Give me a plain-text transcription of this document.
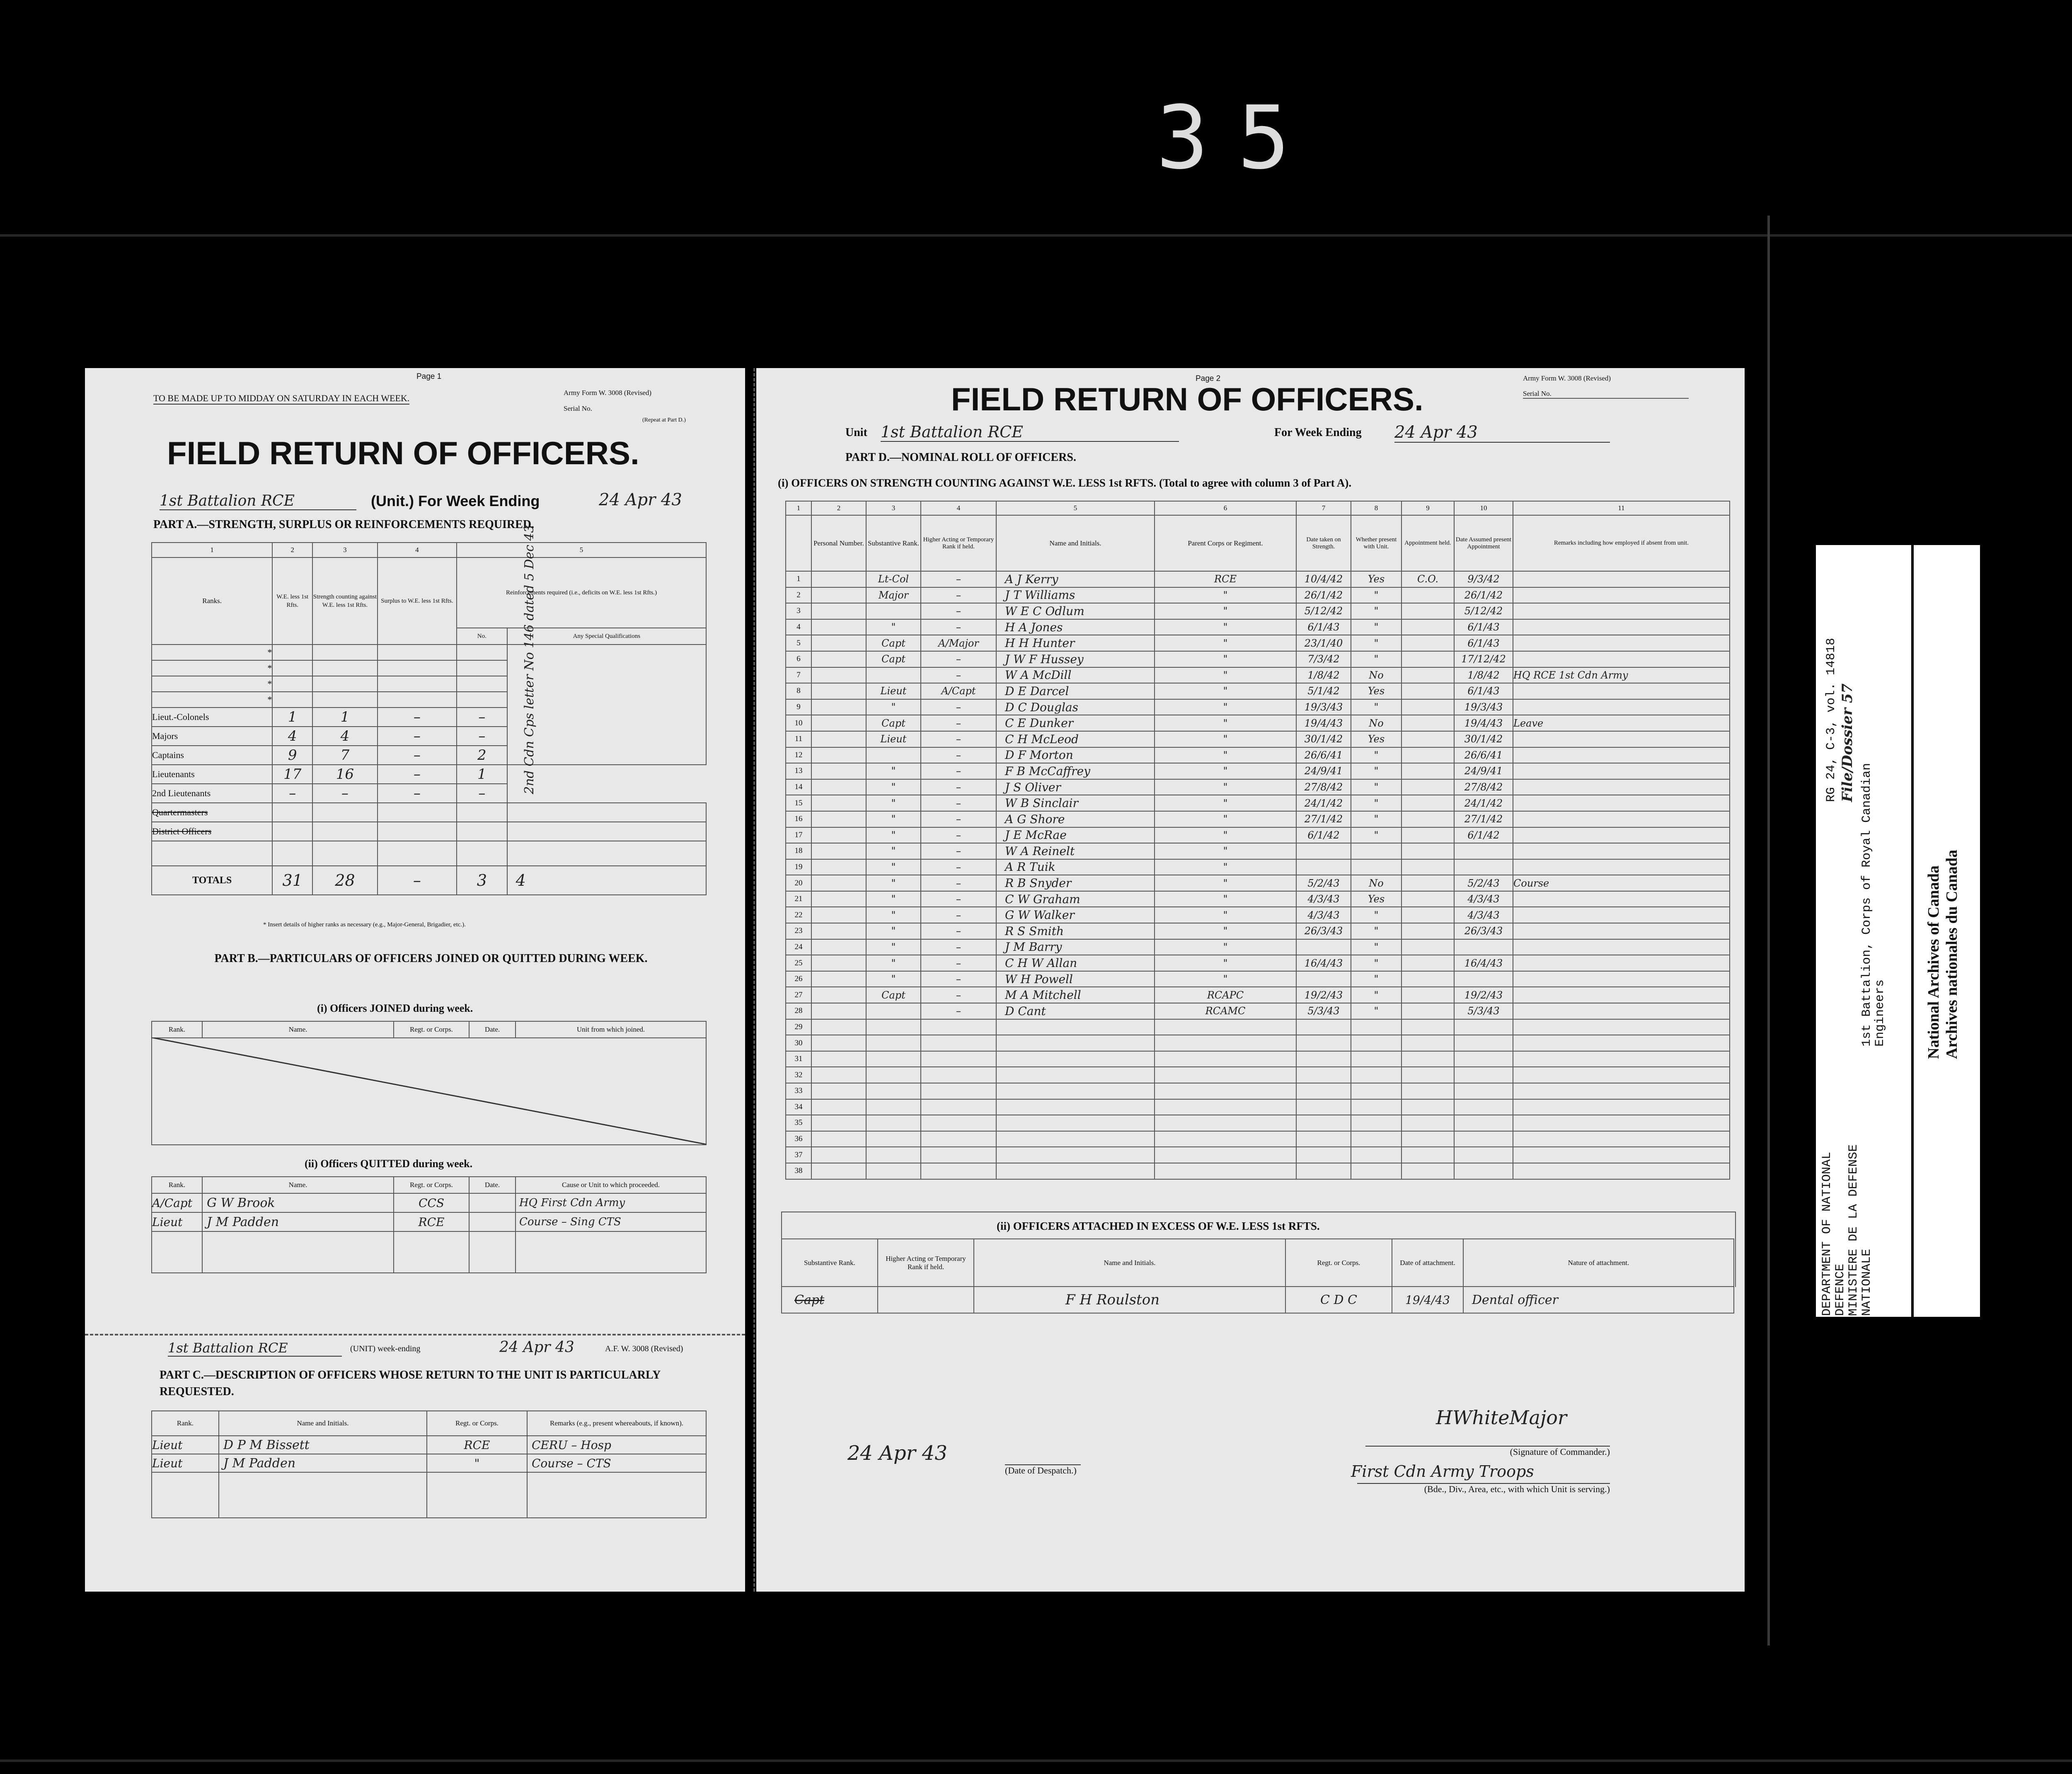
35
Page 1
TO BE MADE UP TO MIDDAY ON SATURDAY IN EACH WEEK.
Army Form W. 3008 (Revised)
Serial No.
(Repeat at Part D.)
FIELD RETURN OF OFFICERS.
1st Battalion RCE	(Unit.) For Week Ending	24 Apr 43
PART A.—STRENGTH, SURPLUS OR REINFORCEMENTS REQUIRED.
1	2	3	4	5	
Ranks.	W.E. less 1st Rfts.	Strength counting against W.E. less 1st Rfts.	Surplus to W.E. less 1st Rfts.	Reinforcements required (i.e., deficits on W.E. less 1st Rfts.)	
				No.	Any Special Qualifications
*					2nd Cdn Cps letter No 146 dated 5 Dec 43

*					
*					
*					
Lieut.-Colonels	1	1	–	–	
Majors	4	4	–	–	
Captains	9	7	–	2	
Lieutenants	17	16	–	1	
2nd Lieutenants	–	–	–	–	
Quartermasters					
District Officers					

TOTALS	31	28	–	3	4
* Insert details of higher ranks as necessary (e.g., Major-General, Brigadier, etc.).
PART B.—PARTICULARS OF OFFICERS JOINED OR QUITTED DURING WEEK.
(i) Officers JOINED during week.
Rank.	Name.	Regt. or Corps.	Date.	Unit from which joined.

(ii) Officers QUITTED during week.
Rank.	Name.	Regt. or Corps.	Date.	Cause or Unit to which proceeded.
A/Capt	G W Brook	CCS		HQ First Cdn Army
Lieut	J M Padden	RCE		Course – Sing CTS

1st Battalion RCE	(UNIT) week-ending	24 Apr 43	A.F. W. 3008 (Revised)
PART C.—DESCRIPTION OF OFFICERS WHOSE RETURN TO THE UNIT IS PARTICULARLY REQUESTED.
Rank.	Name and Initials.	Regt. or Corps.	Remarks (e.g., present whereabouts, if known).
Lieut	D P M Bissett	RCE	CERU – Hosp
Lieut	J M Padden	"	Course – CTS

Page 2	Army Form W. 3008 (Revised)
Serial No.
FIELD RETURN OF OFFICERS.
Unit 1st Battalion RCE	For Week Ending 24 Apr 43
PART D.—NOMINAL ROLL OF OFFICERS.
(i) OFFICERS ON STRENGTH COUNTING AGAINST W.E. LESS 1st RFTS. (Total to agree with column 3 of Part A).
1	2	3	4	5	6	7	8	9	10	11
	Personal Number.	Substantive Rank.	Higher Acting or Temporary Rank if held.	Name and Initials.	Parent Corps or Regiment.	Date taken on Strength.	Whether present with Unit.	Appointment held.	Date Assumed present Appointment	Remarks including how employed if absent from unit.
1		Lt-Col	–	A J Kerry	RCE	10/4/42	Yes	C.O.	9/3/42	
2		Major	–	J T Williams	"	26/1/42	"		26/1/42	
3			–	W E C Odlum	"	5/12/42	"		5/12/42	
4		"	–	H A Jones	"	6/1/43	"		6/1/43	
5		Capt	A/Major	H H Hunter	"	23/1/40	"		6/1/43	
6		Capt	–	J W F Hussey	"	7/3/42	"		17/12/42	
7			–	W A McDill	"	1/8/42	No		1/8/42	HQ RCE 1st Cdn Army
8		Lieut	A/Capt	D E Darcel	"	5/1/42	Yes		6/1/43	
9		"	–	D C Douglas	"	19/3/43	"		19/3/43	
10		Capt	–	C E Dunker	"	19/4/43	No		19/4/43	Leave
11		Lieut	–	C H McLeod	"	30/1/42	Yes		30/1/42	
12			–	D F Morton	"	26/6/41	"		26/6/41	
13		"	–	F B McCaffrey	"	24/9/41	"		24/9/41	
14		"	–	J S Oliver	"	27/8/42	"		27/8/42	
15		"	–	W B Sinclair	"	24/1/42	"		24/1/42	
16		"	–	A G Shore	"	27/1/42	"		27/1/42	
17		"	–	J E McRae	"	6/1/42	"		6/1/42	
18		"	–	W A Reinelt	"					
19		"	–	A R Tuik	"					
20		"	–	R B Snyder	"	5/2/43	No		5/2/43	Course
21		"	–	C W Graham	"	4/3/43	Yes		4/3/43	
22		"	–	G W Walker	"	4/3/43	"		4/3/43	
23		"	–	R S Smith	"	26/3/43	"		26/3/43	
24		"	–	J M Barry	"		"			
25		"	–	C H W Allan	"	16/4/43	"		16/4/43	
26		"	–	W H Powell	"		"			
27		Capt	–	M A Mitchell	RCAPC	19/2/43	"		19/2/43	
28			–	D Cant	RCAMC	5/3/43	"		5/3/43	
29										
30										
31										
32										
33										
34										
35										
36										
37										
38										
(ii) OFFICERS ATTACHED IN EXCESS OF W.E. LESS 1st RFTS.
Substantive Rank.	Higher Acting or Temporary Rank if held.	Name and Initials.	Regt. or Corps.	Date of attachment.	Nature of attachment.
Capt		F H Roulston	C D C	19/4/43	Dental officer
24 Apr 43
(Date of Despatch.)
HWhiteMajor
(Signature of Commander.)
First Cdn Army Troops
(Bde., Div., Area, etc., with which Unit is serving.)
DEPARTMENT OF NATIONAL
DEFENCE
MINISTERE DE LA DEFENSE
NATIONALE
RG 24, C-3, vol. 14818 File/Dossier 57
1st Battalion, Corps of Royal Canadian
Engineers National Archives of Canada Archives nationales du Canada
